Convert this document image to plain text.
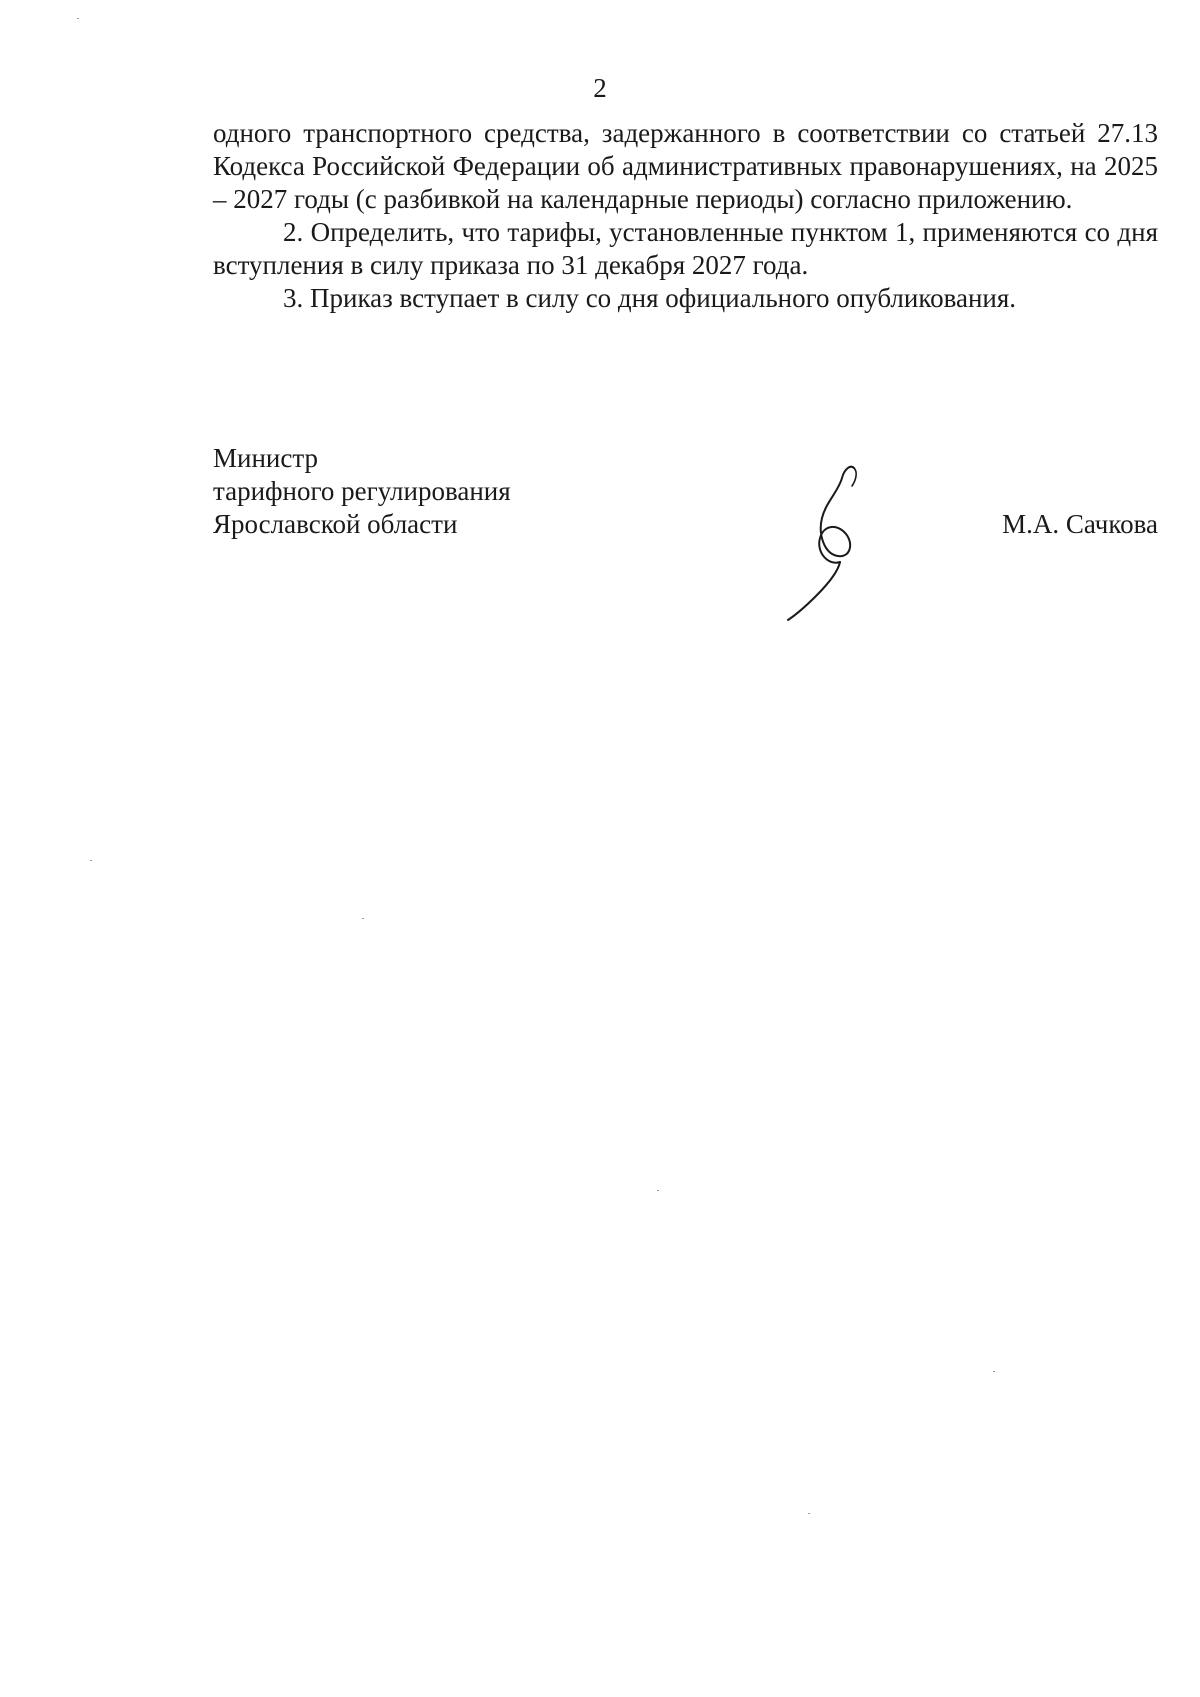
2

одного транспортного средства, задержанного в соответствии со статьей 27.13 Кодекса Российской Федерации об административных правонарушениях, на 2025 – 2027 годы (с разбивкой на календарные периоды) согласно приложению.

2. Определить, что тарифы, установленные пунктом 1, применяются со дня вступления в силу приказа по 31 декабря 2027 года.

3. Приказ вступает в силу со дня официального опубликования.

Министр
тарифного регулирования
Ярославской области	М.А. Сачкова
